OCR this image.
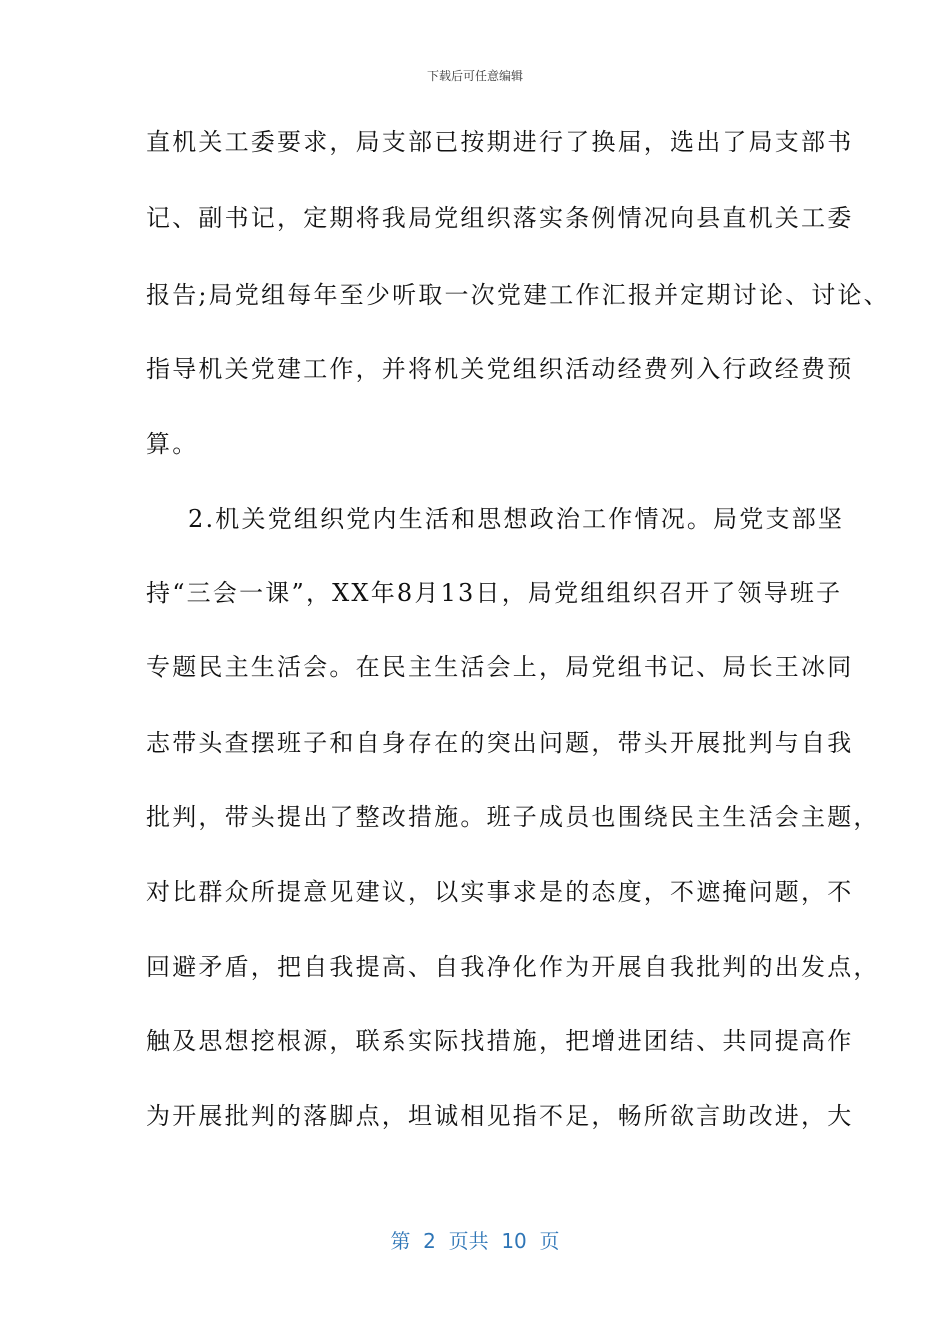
下载后可任意编辑
直机关工委要求，局支部已按期进行了换届，选出了局支部书
记、副书记，定期将我局党组织落实条例情况向县直机关工委
报告;局党组每年至少听取一次党建工作汇报并定期讨论、讨论、
指导机关党建工作，并将机关党组织活动经费列入行政经费预
算。
2.机关党组织党内生活和思想政治工作情况。局党支部坚
持“三会一课”，XX年8月13日，局党组组织召开了领导班子
专题民主生活会。在民主生活会上，局党组书记、局长王冰同
志带头查摆班子和自身存在的突出问题，带头开展批判与自我
批判，带头提出了整改措施。班子成员也围绕民主生活会主题，
对比群众所提意见建议，以实事求是的态度，不遮掩问题，不
回避矛盾，把自我提高、自我净化作为开展自我批判的出发点，
触及思想挖根源，联系实际找措施，把增进团结、共同提高作
为开展批判的落脚点，坦诚相见指不足，畅所欲言助改进，大
第  2  页共  10  页
